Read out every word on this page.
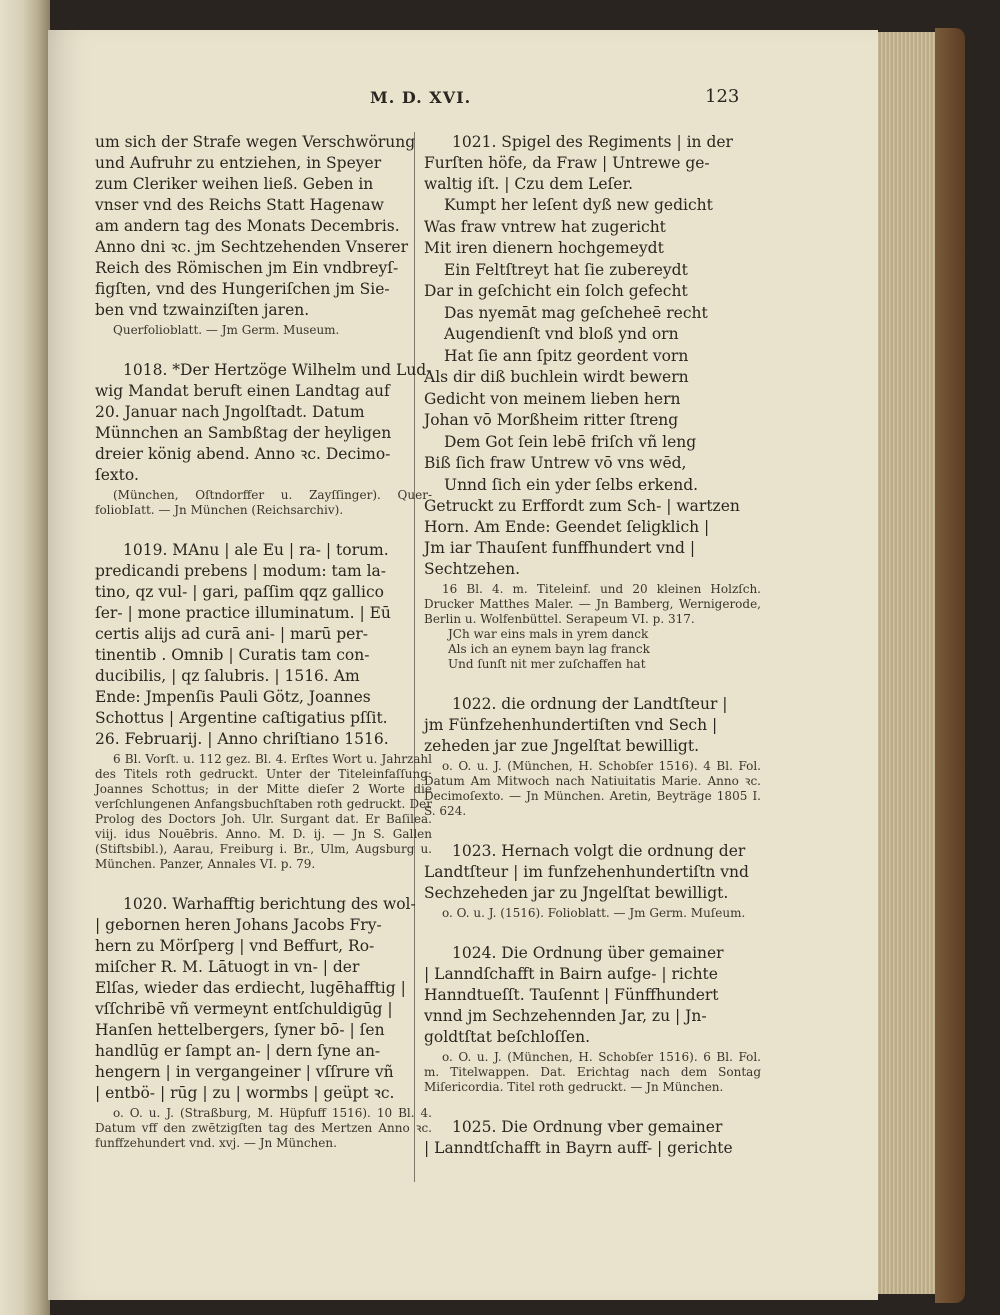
M. D. XVI.	123

um sich der Strafe wegen Verschwörung

und Aufruhr zu entziehen, in Speyer

zum Cleriker weihen ließ. Geben in

vnser vnd des Reichs Statt Hagenaw

am andern tag des Monats Decembris.

Anno dni ꝛc. jm Sechtzehenden Vnserer

Reich des Römischen jm Ein vndbreyſ-

figſten, vnd des Hungeriſchen jm Sie-

ben vnd tzwainziſten jaren.

Querfolioblatt. — Jm Germ. Museum.

1018. *Der Hertzöge Wilhelm und Lud-

wig Mandat beruft einen Landtag auf

20. Januar nach Jngolſtadt. Datum

Münnchen an Sambßtag der heyligen

dreier könig abend. Anno ꝛc. Decimo-

ſexto.

(München, Oſtndorffer u. Zayſſinger). Quer-foliobIatt. — Jn München (Reichsarchiv).

1019. MAnu | ale Eu | ra- | torum.

predicandi prebens | modum: tam la-

tino, qz vul- | gari, paſſim qqz gallico

ſer- | mone practice illuminatum. | Eū

certis alijs ad curā ani- | marū per-

tinentib . Omnib | Curatis tam con-

ducibilis, | qz ſalubris. | 1516. Am

Ende: Jmpenſis Pauli Götz, Joannes

Schottus | Argentine caſtigatius pſſit.

26. Februarij. | Anno chriſtiano 1516.

6 Bl. Vorſt. u. 112 gez. Bl. 4. Erſtes Wort u. Jahrzahl des Titels roth gedruckt. Unter der Titeleinfaſſung: Joannes Schottus; in der Mitte dieſer 2 Worte die verſchlungenen Anfangsbuchſtaben roth gedruckt. Der Prolog des Doctors Joh. Ulr. Surgant dat. Er Baſilea. viij. idus Nouēbris. Anno. M. D. ij. — Jn S. Gallen (Stiftsbibl.), Aarau, Freiburg i. Br., Ulm, Augsburg u. München. Panzer, Annales VI. p. 79.

1020. Warhafftig berichtung des wol-

| gebornen heren Johans Jacobs Fry-

hern zu Mörſperg | vnd Beffurt, Ro-

miſcher R. M. Lātuogt in vn- | der

Elſas, wieder das erdiecht, lugēhafftig |

vſſchribē vñ vermeynt entſchuldigūg |

Hanſen hettelbergers, ſyner bō- | ſen

handlūg er ſampt an- | dern ſyne an-

hengern | in vergangeiner | vſſrure vñ

| entbö- | rūg | zu | wormbs | geüpt ꝛc.

o. O. u. J. (Straßburg, M. Hüpfuff 1516). 10 Bl. 4. Datum vff den zwētzigſten tag des Mertzen Anno ꝛc. funffzehundert vnd. xvj. — Jn München.

1021. Spigel des Regiments | in der

Furſten höfe, da Fraw | Untrewe ge-

waltig iſt. | Czu dem Leſer.

Kumpt her leſent dyß new gedicht

Was fraw vntrew hat zugericht

Mit iren dienern hochgemeydt

Ein Feltſtreyt hat ſie zubereydt

Dar in geſchicht ein ſolch gefecht

Das nyemāt mag geſcheheē recht

Augendienſt vnd bloß ynd orn

Hat ſie ann ſpitz geordent vorn

Als dir diß buchlein wirdt bewern

Gedicht von meinem lieben hern

Johan vō Morßheim ritter ſtreng

Dem Got ſein lebē friſch vñ leng

Biß ſich fraw Untrew vō vns wēd,

Unnd ſich ein yder ſelbs erkend.

Getruckt zu Erffordt zum Sch- | wartzen

Horn. Am Ende: Geendet ſeligklich |

Jm iar Thauſent funffhundert vnd |

Sechtzehen.

16 Bl. 4. m. Titeleinf. und 20 kleinen Holzſch. Drucker Matthes Maler. — Jn Bamberg, Wernigerode, Berlin u. Wolfenbüttel. Serapeum VI. p. 317.

JCh war eins mals in yrem danck

Als ich an eynem bayn lag franck

Und ſunſt nit mer zuſchaffen hat

1022. die ordnung der Landtſteur |

jm Fünfzehenhundertiſten vnd Sech |

zeheden jar zue Jngelſtat bewilligt.

o. O. u. J. (München, H. Schobſer 1516). 4 Bl. Fol. Datum Am Mitwoch nach Natiuitatis Marie. Anno ꝛc. Decimoſexto. — Jn München. Aretin, Beyträge 1805 I. S. 624.

1023. Hernach volgt die ordnung der

Landtſteur | im funfzehenhundertiſtn vnd

Sechzeheden jar zu Jngelſtat bewilligt.

o. O. u. J. (1516). Folioblatt. — Jm Germ. Muſeum.

1024. Die Ordnung über gemainer

| Lanndſchafft in Bairn aufge- | richte

Hanndtueſſt. Tauſennt | Fünffhundert

vnnd jm Sechzehennden Jar, zu | Jn-

goldtſtat beſchloſſen.

o. O. u. J. (München, H. Schobſer 1516). 6 Bl. Fol. m. Titelwappen. Dat. Erichtag nach dem Sontag Miſericordia. Titel roth gedruckt. — Jn München.

1025. Die Ordnung vber gemainer

| Lanndtſchafft in Bayrn auff- | gerichte
